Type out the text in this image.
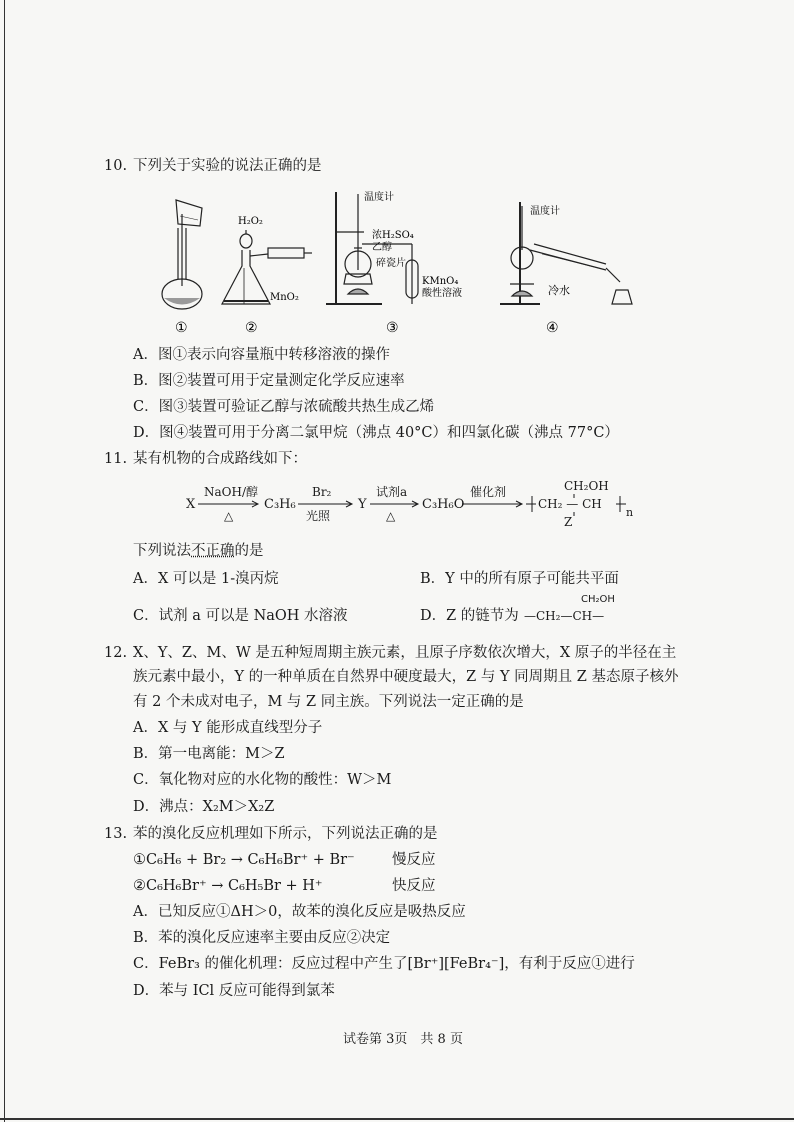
10. 下列关于实验的说法正确的是
①
H₂O₂
MnO₂
②
温度计
浓H₂SO₄
乙醇
碎瓷片
KMnO₄
酸性溶液
③
温度计
冷水
④
A．图①表示向容量瓶中转移溶液的操作
B．图②装置可用于定量测定化学反应速率
C．图③装置可验证乙醇与浓硫酸共热生成乙烯
D．图④装置可用于分离二氯甲烷（沸点 40°C）和四氯化碳（沸点 77°C）
11. 某有机物的合成路线如下：
X
NaOH/醇
△
C₃H₆
Br₂
光照
Y
试剂a
△
C₃H₆O
催化剂	CH₂OH
CH₂ — CH
Z
n
下列说法不正确的是
A．X 可以是 1-溴丙烷	B．Y 中的所有原子可能共平面
C．试剂 a 可以是 NaOH 水溶液	D．Z 的链节为
CH₂OH
—CH₂—CH—
12. X、Y、Z、M、W 是五种短周期主族元素，且原子序数依次增大，X 原子的半径在主
族元素中最小，Y 的一种单质在自然界中硬度最大，Z 与 Y 同周期且 Z 基态原子核外
有 2 个未成对电子，M 与 Z 同主族。下列说法一定正确的是
A．X 与 Y 能形成直线型分子
B．第一电离能：M＞Z
C．氧化物对应的水化物的酸性：W＞M
D．沸点：X₂M＞X₂Z
13. 苯的溴化反应机理如下所示，下列说法正确的是
①C₆H₆ + Br₂ → C₆H₆Br⁺ + Br⁻	慢反应
②C₆H₆Br⁺ → C₆H₅Br + H⁺	快反应
A．已知反应①ΔH＞0，故苯的溴化反应是吸热反应
B．苯的溴化反应速率主要由反应②决定
C．FeBr₃ 的催化机理：反应过程中产生了[Br⁺][FeBr₄⁻]，有利于反应①进行
D．苯与 ICl 反应可能得到氯苯
试卷第 3页　共 8 页
